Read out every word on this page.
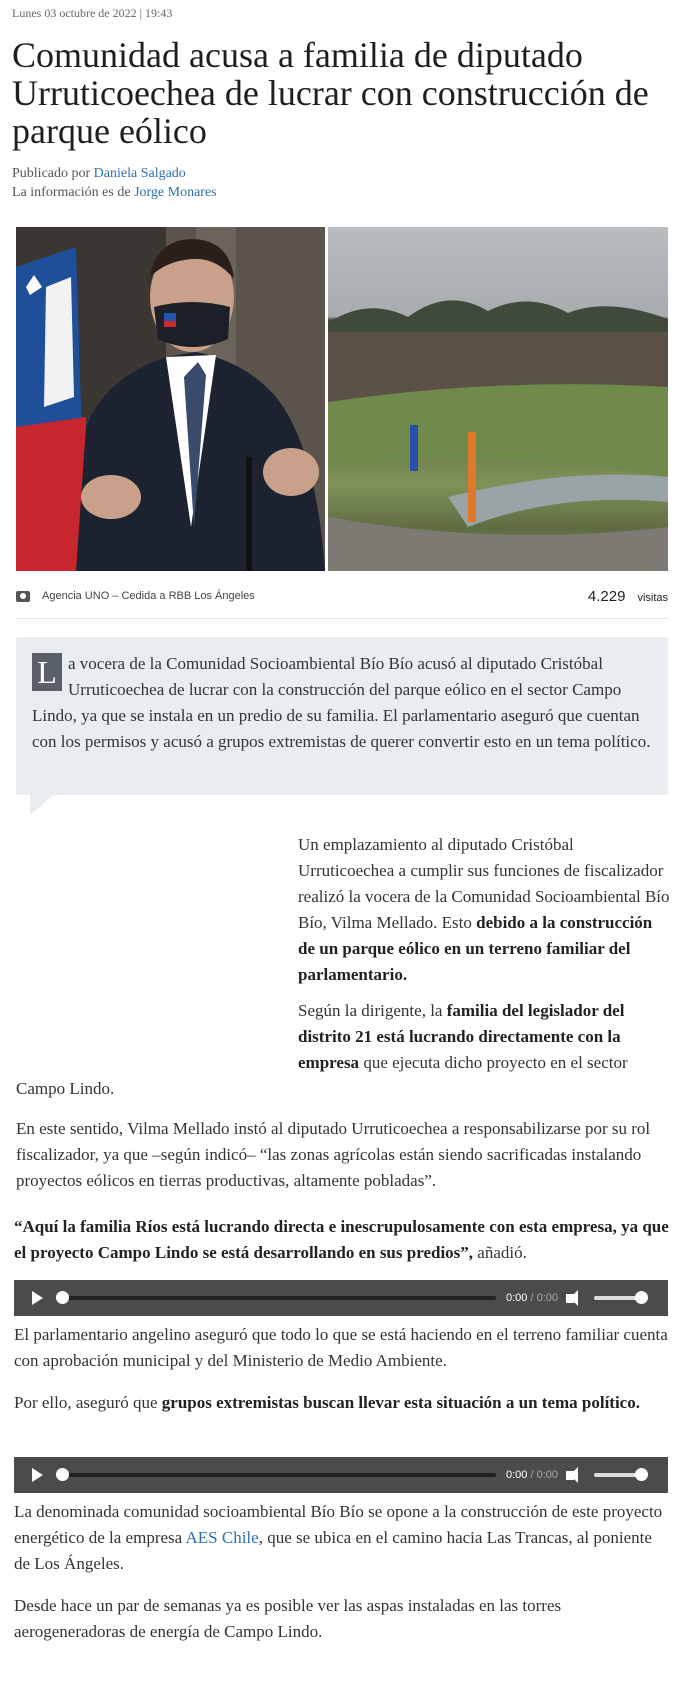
Lunes 03 octubre de 2022 | 19:43
Comunidad acusa a familia de diputado Urruticoechea de lucrar con construcción de parque eólico
Publicado por Daniela Salgado
La información es de Jorge Monares
Agencia UNO – Cedida a RBB Los Ángeles	4.229 visitas

L a vocera de la Comunidad Socioambiental Bío Bío acusó al diputado Cristóbal Urruticoechea de lucrar con la construcción del parque eólico en el sector Campo Lindo, ya que se instala en un predio de su familia. El parlamentario aseguró que cuentan con los permisos y acusó a grupos extremistas de querer convertir esto en un tema político.

Un emplazamiento al diputado Cristóbal Urruticoechea a cumplir sus funciones de fiscalizador realizó la vocera de la Comunidad Socioambiental Bío Bío, Vilma Mellado. Esto debido a la construcción de un parque eólico en un terreno familiar del parlamentario.
Según la dirigente, la familia del legislador del distrito 21 está lucrando directamente con la empresa que ejecuta dicho proyecto en el sector
Campo Lindo.
En este sentido, Vilma Mellado instó al diputado Urruticoechea a responsabilizarse por su rol fiscalizador, ya que –según indicó– “las zonas agrícolas están siendo sacrificadas instalando proyectos eólicos en tierras productivas, altamente pobladas”.
“Aquí la familia Ríos está lucrando directa e inescrupulosamente con esta empresa, ya que el proyecto Campo Lindo se está desarrollando en sus predios”, añadió.
0:00 / 0:00
El parlamentario angelino aseguró que todo lo que se está haciendo en el terreno familiar cuenta con aprobación municipal y del Ministerio de Medio Ambiente.
Por ello, aseguró que grupos extremistas buscan llevar esta situación a un tema político.
0:00 / 0:00
La denominada comunidad socioambiental Bío Bío se opone a la construcción de este proyecto energético de la empresa AES Chile, que se ubica en el camino hacia Las Trancas, al poniente de Los Ángeles.
Desde hace un par de semanas ya es posible ver las aspas instaladas en las torres aerogeneradoras de energía de Campo Lindo.
